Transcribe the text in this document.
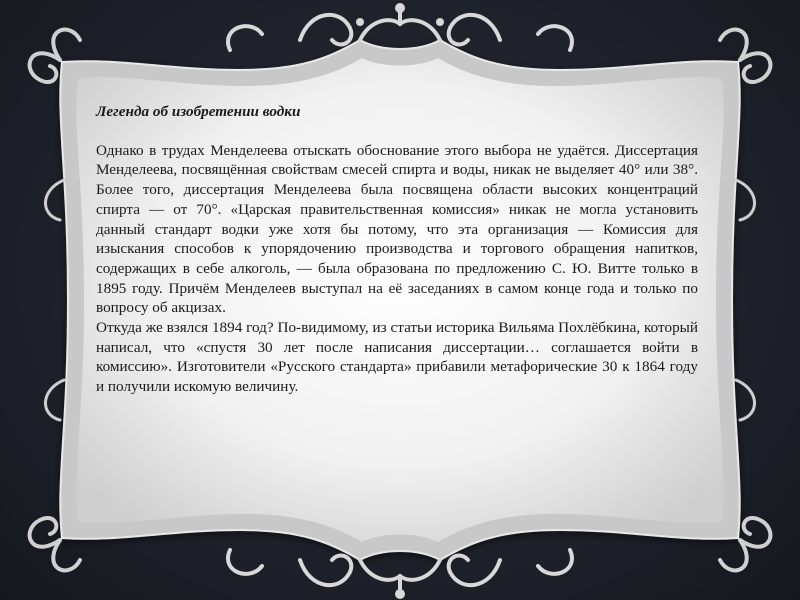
Легенда об изобретении водки

Однако в трудах Менделеева отыскать обоснование этого выбора не удаётся. Диссертация Менделеева, посвящённая свойствам смесей спирта и воды, никак не выделяет 40° или 38°. Более того, диссертация Менделеева была посвящена области высоких концентраций спирта — от 70°. «Царская правительственная комиссия» никак не могла установить данный стандарт водки уже хотя бы потому, что эта организация — Комиссия для изыскания способов к упорядочению производства и торгового обращения напитков, содержащих в себе алкоголь, — была образована по предложению С. Ю. Витте только в 1895 году. Причём Менделеев выступал на её заседаниях в самом конце года и только по вопросу об акцизах.

Откуда же взялся 1894 год? По-видимому, из статьи историка Вильяма Похлёбкина, который написал, что «спустя 30 лет после написания диссертации… соглашается войти в комиссию». Изготовители «Русского стандарта» прибавили метафорические 30 к 1864 году и получили искомую величину.
